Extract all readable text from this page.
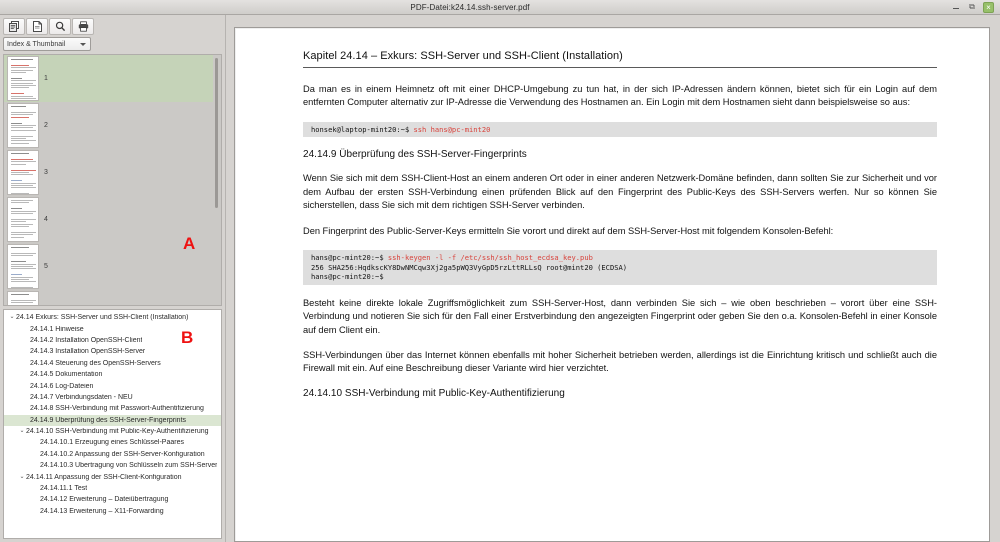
PDF-Datei:k24.14.ssh-server.pdf	⧉	×
Index & Thumbnail
1
2
3
4
5
⌄ 24.14 Exkurs: SSH-Server und SSH-Client (Installation)
24.14.1 Hinweise
24.14.2 Installation OpenSSH-Client
24.14.3 Installation OpenSSH-Server
24.14.4 Steuerung des OpenSSH-Servers
24.14.5 Dokumentation
24.14.6 Log-Dateien
24.14.7 Verbindungsdaten - NEU
24.14.8 SSH-Verbindung mit Passwort-Authentifizierung
24.14.9 Überprüfung des SSH-Server-Fingerprints
⌄ 24.14.10 SSH-Verbindung mit Public-Key-Authentifizierung
24.14.10.1 Erzeugung eines Schlüssel-Paares
24.14.10.2 Anpassung der SSH-Server-Konfiguration
24.14.10.3 Übertragung von Schlüsseln zum SSH-Server
⌄ 24.14.11 Anpassung der SSH-Client-Konfiguration
24.14.11.1 Test
24.14.12 Erweiterung – Dateiübertragung
24.14.13 Erweiterung – X11-Forwarding
A
B
Kapitel 24.14 – Exkurs: SSH-Server und SSH-Client (Installation)

Da man es in einem Heimnetz oft mit einer DHCP-Umgebung zu tun hat, in der sich IP-Adressen ändern können, bietet sich für ein Login auf dem entfernten Computer alternativ zur IP-Adresse die Verwendung des Hostnamen an. Ein Login mit dem Hostnamen sieht dann beispielsweise so aus:

honsek@laptop-mint20:~$ ssh hans@pc-mint20
24.14.9 Überprüfung des SSH-Server-Fingerprints

Wenn Sie sich mit dem SSH-Client-Host an einem anderen Ort oder in einer anderen Netzwerk-Domäne befinden, dann sollten Sie zur Sicherheit und vor dem Aufbau der ersten SSH-Verbindung einen prüfenden Blick auf den Fingerprint des Public-Keys des SSH-Servers werfen. Nur so können Sie sicherstellen, dass Sie sich mit dem richtigen SSH-Server verbinden.

Den Fingerprint des Public-Server-Keys ermitteln Sie vorort und direkt auf dem SSH-Server-Host mit folgendem Konsolen-Befehl:

hans@pc-mint20:~$ ssh-keygen -l -f /etc/ssh/ssh_host_ecdsa_key.pub
256 SHA256:HqdkscKY8DwNMCqw3Xj2ga5pWQ3VyGpD5rzLttRLLsQ root@mint20 (ECDSA)
hans@pc-mint20:~$

Besteht keine direkte lokale Zugriffsmöglichkeit zum SSH-Server-Host, dann verbinden Sie sich – wie oben beschrieben – vorort über eine SSH-Verbindung und notieren Sie sich für den Fall einer Erstverbindung den angezeigten Fingerprint oder geben Sie den o.a. Konsolen-Befehl in einer Konsole auf dem Client ein.

SSH-Verbindungen über das Internet können ebenfalls mit hoher Sicherheit betrieben werden, allerdings ist die Einrichtung kritisch und schließt auch die Firewall mit ein. Auf eine Beschreibung dieser Variante wird hier verzichtet.

24.14.10 SSH-Verbindung mit Public-Key-Authentifizierung
